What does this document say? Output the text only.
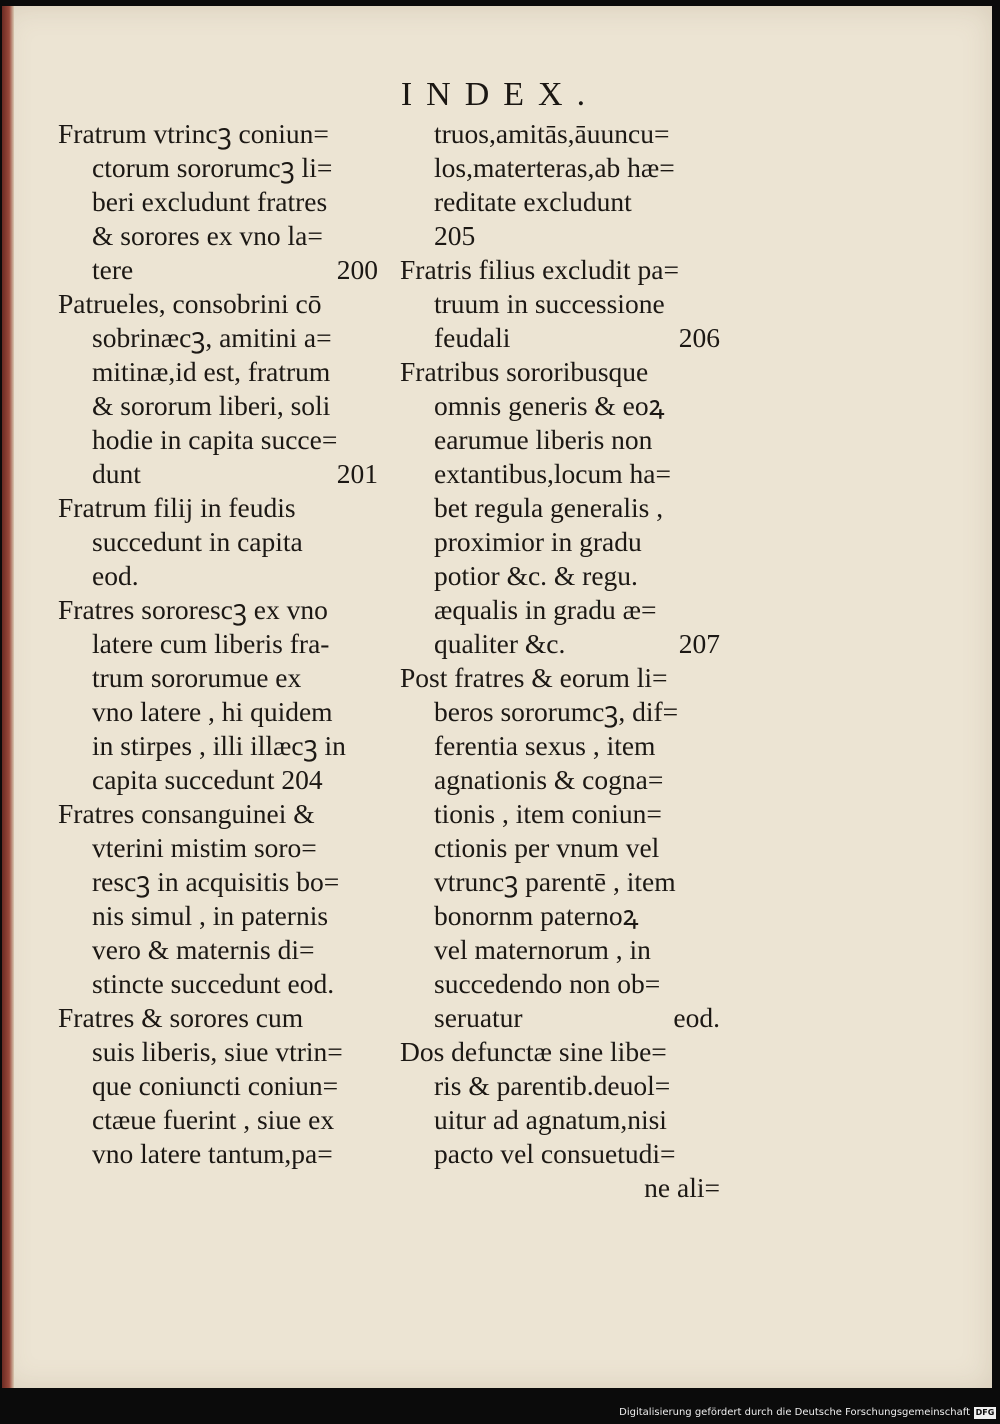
INDEX.
Fratrum vtrincꝫ coniun=
ctorum sororumcꝫ li=
beri excludunt fratres
& sorores ex vno la=
tere	200
Patrueles, consobrini cō
sobrinæcꝫ, amitini a=
mitinæ,id est, fratrum
& sororum liberi, soli
hodie in capita succe=
dunt	201
Fratrum filij in feudis
succedunt in capita
eod.
Fratres sororescꝫ ex vno
latere cum liberis fra-
trum sororumue ex
vno latere , hi quidem
in stirpes , illi illæcꝫ in
capita succedunt 204
Fratres consanguinei &
vterini mistim soro=
rescꝫ in acquisitis bo=
nis simul , in paternis
vero & maternis di=
stincte succedunt eod.
Fratres & sorores cum
suis liberis, siue vtrin=
que coniuncti coniun=
ctæue fuerint , siue ex
vno latere tantum,pa=
truos,amitās,āuuncu=
los,materteras,ab hæ=
reditate excludunt
205
Fratris filius excludit pa=
truum in successione
feudali	206
Fratribus sororibusque
omnis generis & eoꝝ
earumue liberis non
extantibus,locum ha=
bet regula generalis ,
proximior in gradu
potior &c. & regu.
æqualis in gradu æ=
qualiter &c.	207
Post fratres & eorum li=
beros sororumcꝫ, dif=
ferentia sexus , item
agnationis & cogna=
tionis , item coniun=
ctionis per vnum vel
vtruncꝫ parentē , item
bonornm paternoꝝ
vel maternorum , in
succedendo non ob=
seruatur	eod.
Dos defunctæ sine libe=
ris & parentib.deuol=
uitur ad agnatum,nisi
pacto vel consuetudi=
ne ali=
Digitalisierung gefördert durch die Deutsche Forschungsgemeinschaft DFG
